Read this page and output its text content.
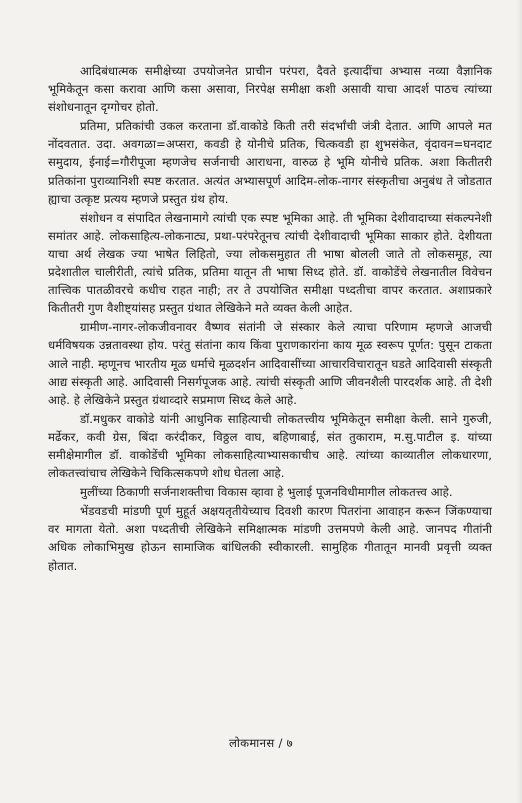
आदिबंधात्मक समीक्षेच्या उपयोजनेत प्राचीन परंपरा, दैवते इत्यादींचा अभ्यास नव्या वैज्ञानिक भूमिकेतून कसा करावा आणि कसा असावा, निरपेक्ष समीक्षा कशी असावी याचा आदर्श पाठच त्यांच्या संशोधनातून दृग्गोचर होतो.

प्रतिमा, प्रतिकांची उकल करताना डॉ.वाकोडे किती तरी संदर्भांची जंत्री देतात. आणि आपले मत नोंदवतात. उदा. अवगळा=अप्सरा, कवडी हे योनीचे प्रतिक, चित्कवडी हा शुभसंकेत, वृंदावन=घनदाट समुदाय, ईनाई=गौरीपूजा म्हणजेच सर्जनाची आराधना, वारुळ हे भूमि योनीचे प्रतिक. अशा कितीतरी प्रतिकांना पुराव्यानिशी स्पष्ट करतात. अत्यंत अभ्यासपूर्ण आदिम-लोक-नागर संस्कृतीचा अनुबंध ते जोडतात ह्याचा उत्कृष्ट प्रत्यय म्हणजे प्रस्तुत ग्रंथ होय.

संशोधन व संपादित लेखनामागे त्यांची एक स्पष्ट भूमिका आहे. ती भूमिका देशीवादाच्या संकल्पनेशी समांतर आहे. लोकसाहित्य-लोकनाट्य, प्रथा-परंपरेतूनच त्यांची देशीवादाची भूमिका साकार होते. देशीयता याचा अर्थ लेखक ज्या भाषेत लिहितो, ज्या लोकसमुहात ती भाषा बोलली जाते तो लोकसमूह, त्या प्रदेशातील चालीरीती, त्यांचे प्रतिक, प्रतिमा यातून ती भाषा सिध्द होते. डॉ. वाकोडेंचे लेखनातील विवेचन तात्त्विक पातळीवरचे कधीच राहत नाही; तर ते उपयोजित समीक्षा पध्दतीचा वापर करतात. अशाप्रकारे कितीतरी गुण वैशीष्ट्यांसह प्रस्तुत ग्रंथात लेखिकेने मते व्यक्त केली आहेत.

ग्रामीण-नागर-लोकजीवनावर वैष्णव संतांनी जे संस्कार केले त्याचा परिणाम म्हणजे आजची धर्मविषयक उन्नतावस्था होय. परंतु संतांना काय किंवा पुराणकारांना काय मूळ स्वरूप पूर्णत: पुसून टाकता आले नाही. म्हणूनच भारतीय मूळ धर्माचे मूळदर्शन आदिवासींच्या आचारविचारातून घडते आदिवासी संस्कृती आद्य संस्कृती आहे. आदिवासी निसर्गपूजक आहे. त्यांची संस्कृती आणि जीवनशैली पारदर्शक आहे. ती देशी आहे. हे लेखिकेने प्रस्तुत ग्रंथाव्दारे सप्रमाण सिध्द केले आहे.

डॉ.मधुकर वाकोडे यांनी आधुनिक साहित्याची लोकतत्त्वीय भूमिकेतून समीक्षा केली. साने गुरुजी, मर्ढेकर, कवी ग्रेस, बिंदा करंदीकर, विठ्ठल वाघ, बहिणाबाई, संत तुकाराम, म.सु.पाटील इ. यांच्या समीक्षेमागील डॉ. वाकोडेंची भूमिका लोकसाहित्याभ्यासकाचीच आहे. त्यांच्या काव्यातील लोकधारणा, लोकतत्त्वांचाच लेखिकेने चिकित्सकपणे शोध घेतला आहे.

मुलींच्या ठिकाणी सर्जनाशक्तीचा विकास व्हावा हे भुलाई पूजनविधीमागील लोकतत्त्व आहे.

भेंडवडची मांडणी पूर्ण मुहूर्त अक्षयतृतीयेच्याच दिवशी कारण पितरांना आवाहन करून जिंकण्याचा वर मागता येतो. अशा पध्दतीची लेखिकेने समिक्षात्मक मांडणी उत्तमपणे केली आहे. जानपद गीतांनी अधिक लोकाभिमुख होऊन सामाजिक बांधिलकी स्वीकारली. सामुहिक गीतातून मानवी प्रवृत्ती व्यक्त होतात.

लोकमानस / ७
